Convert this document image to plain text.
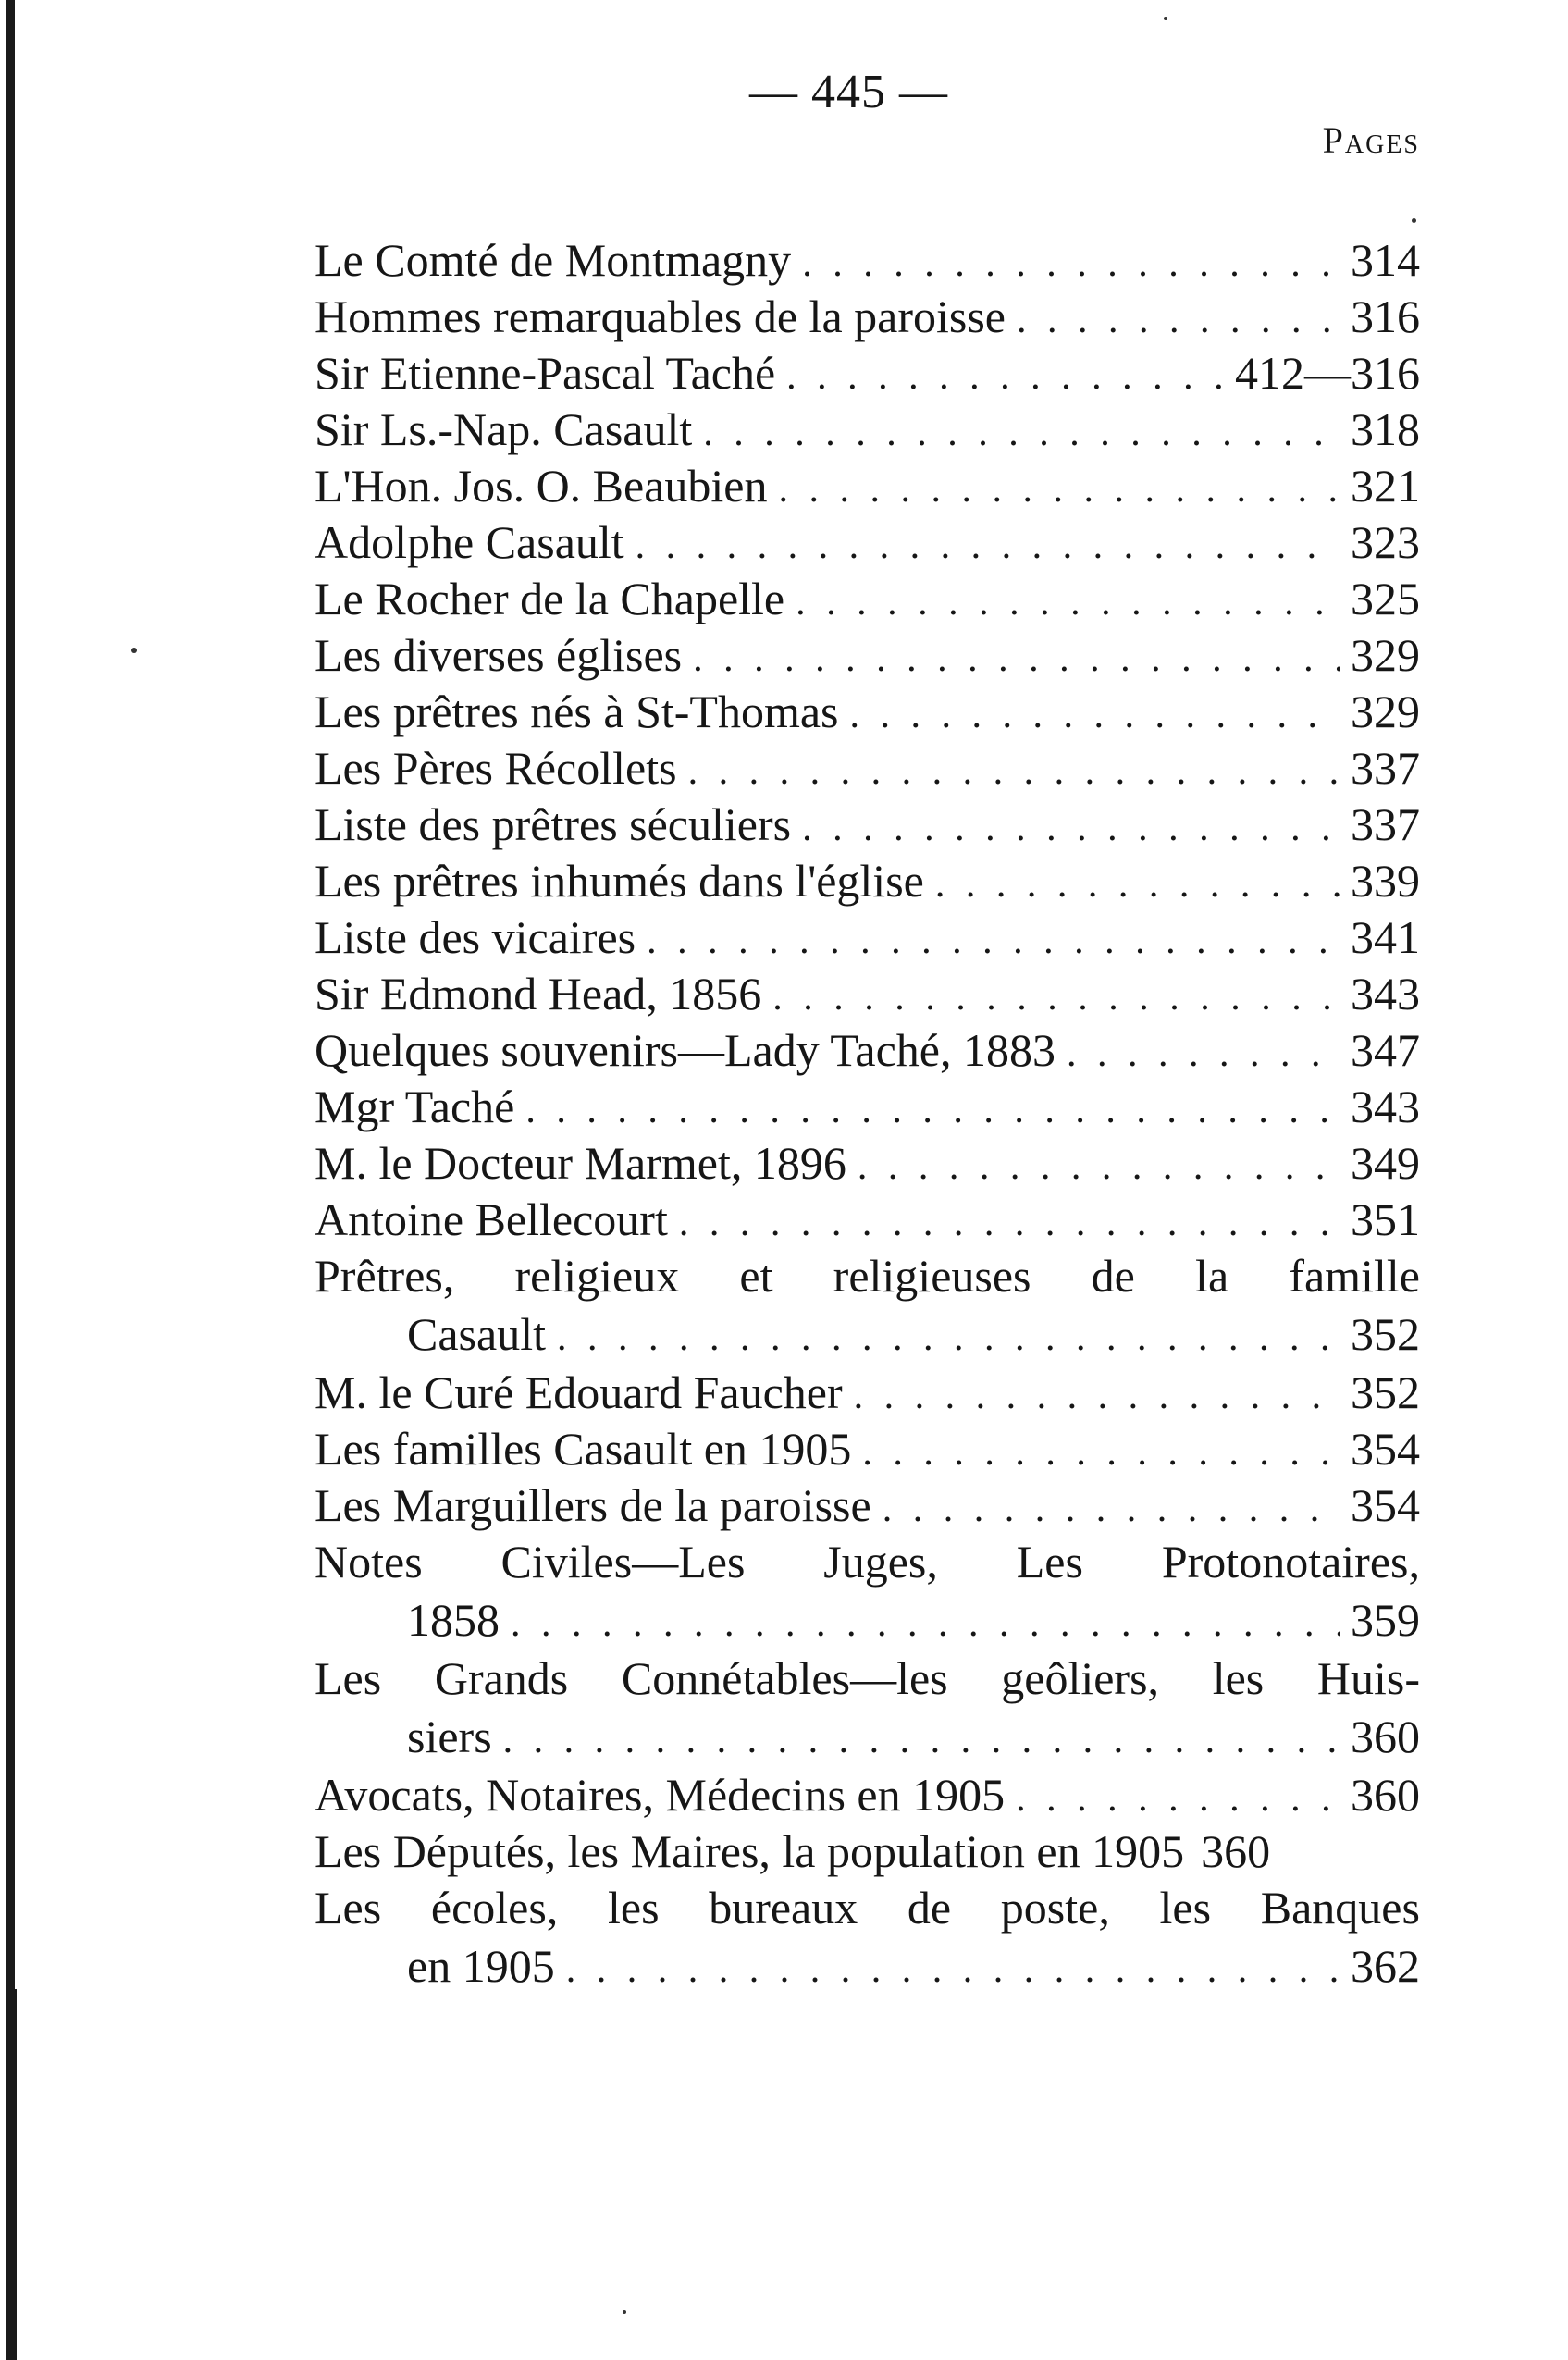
— 445 —
Pages
Le Comté de Montmagny . . .	314
Hommes remarquables de la paroisse . . .	316
Sir Etienne-Pascal Taché . . .	412—316
Sir Ls.-Nap. Casault . . .	318
L'Hon. Jos. O. Beaubien . . .	321
Adolphe Casault . . .	323
Le Rocher de la Chapelle . . .	325
Les diverses églises . . .	329
Les prêtres nés à St-Thomas . . .	329
Les Pères Récollets . . .	337
Liste des prêtres séculiers . . .	337
Les prêtres inhumés dans l'église . . .	339
Liste des vicaires . . .	341
Sir Edmond Head, 1856 . . .	343
Quelques souvenirs—Lady Taché, 1883 . . .	347
Mgr Taché . . .	343
M. le Docteur Marmet, 1896 . . .	349
Antoine Bellecourt . . .	351
Prêtres, religieux et religieuses de la famille
Casault . . .	352
M. le Curé Edouard Faucher . . .	352
Les familles Casault en 1905 . . .	354
Les Marguillers de la paroisse . . .	354
Notes Civiles—Les Juges, Les Protonotaires,
1858 . . .	359
Les Grands Connétables—les geôliers, les Huis-
siers . . .	360
Avocats, Notaires, Médecins en 1905 . . .	360
Les Députés, les Maires, la population en 1905 360
Les écoles, les bureaux de poste, les Banques
en 1905 . . .	362
